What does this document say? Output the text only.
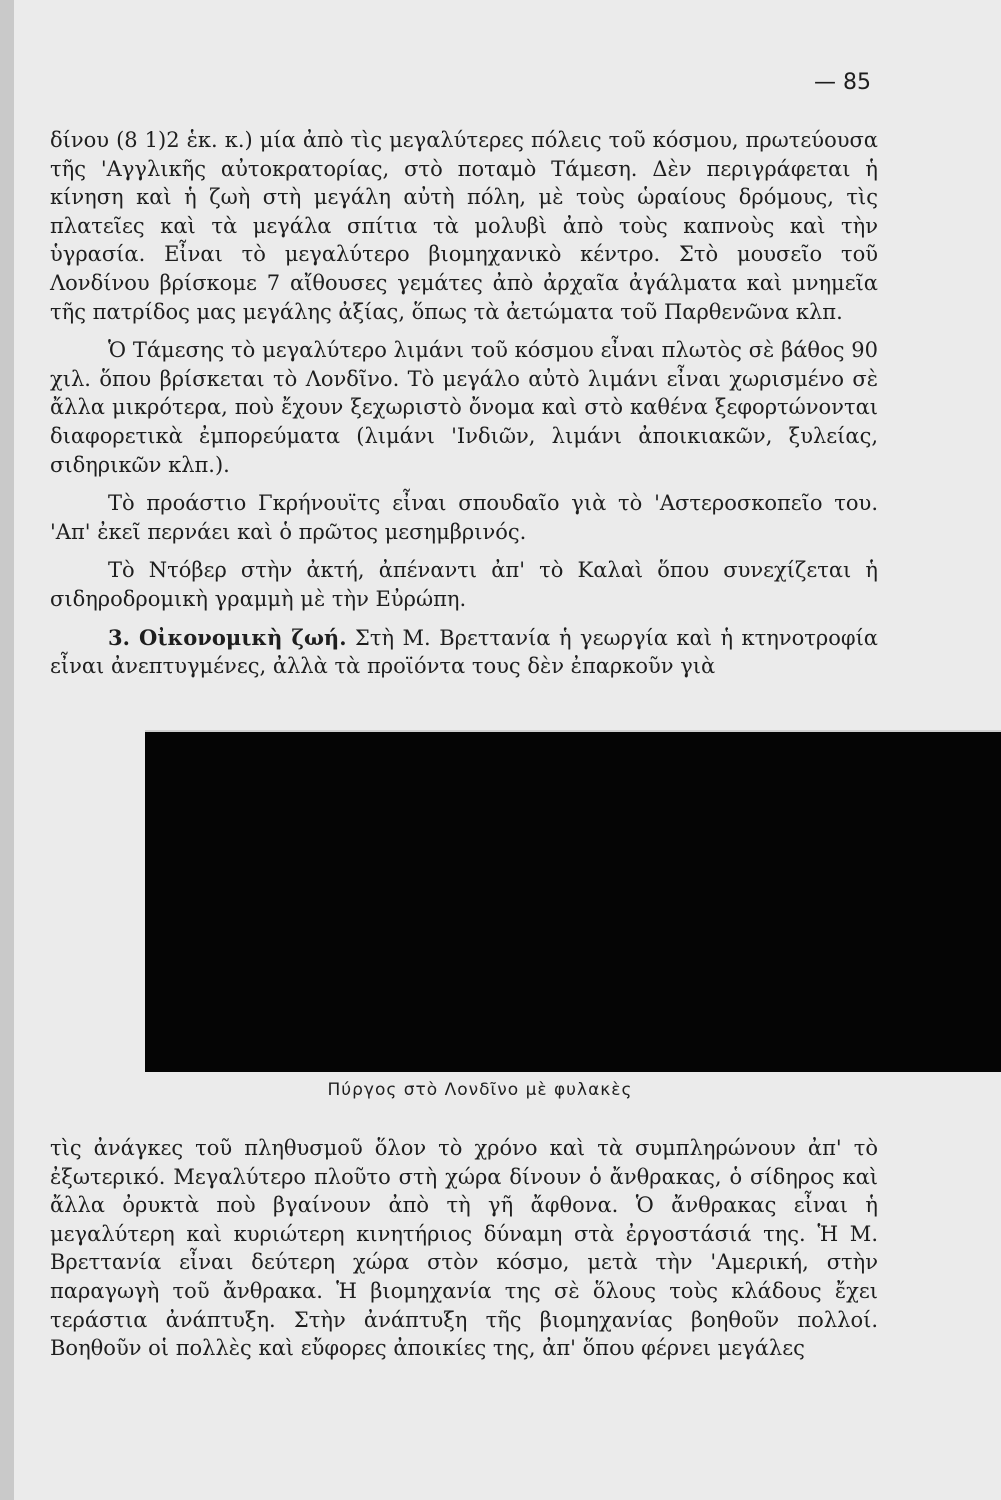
— 85

δίνου (8 1)2 ἑκ. κ.) μία ἀπὸ τὶς μεγαλύτερες πόλεις τοῦ κόσμου, πρωτεύουσα τῆς 'Αγγλικῆς αὐτοκρατορίας, στὸ ποταμὸ Τάμεση. Δὲν περιγράφεται ἡ κίνηση καὶ ἡ ζωὴ στὴ μεγάλη αὐτὴ πόλη, μὲ τοὺς ὡραίους δρόμους, τὶς πλατεῖες καὶ τὰ μεγάλα σπίτια τὰ μολυβὶ ἀπὸ τοὺς καπνοὺς καὶ τὴν ὑγρασία. Εἶναι τὸ μεγαλύτερο βιομηχανικὸ κέντρο. Στὸ μουσεῖο τοῦ Λονδίνου βρίσκομε 7 αἴθουσες γεμάτες ἀπὸ ἀρχαῖα ἀγάλματα καὶ μνημεῖα τῆς πατρίδος μας μεγάλης ἀξίας, ὅπως τὰ ἀετώματα τοῦ Παρθενῶνα κλπ.

Ὁ Τάμεσης τὸ μεγαλύτερο λιμάνι τοῦ κόσμου εἶναι πλωτὸς σὲ βάθος 90 χιλ. ὅπου βρίσκεται τὸ Λονδῖνο. Τὸ μεγάλο αὐτὸ λιμάνι εἶναι χωρισμένο σὲ ἄλλα μικρότερα, ποὺ ἔχουν ξεχωριστὸ ὄνομα καὶ στὸ καθένα ξεφορτώνονται διαφορετικὰ ἐμπορεύματα (λιμάνι 'Ινδιῶν, λιμάνι ἀποικιακῶν, ξυλείας, σιδηρικῶν κλπ.).

Τὸ προάστιο Γκρήνουϊτς εἶναι σπουδαῖο γιὰ τὸ 'Αστεροσκοπεῖο του. 'Απ' ἐκεῖ περνάει καὶ ὁ πρῶτος μεσημβρινός.

Τὸ Ντόβερ στὴν ἀκτή, ἀπέναντι ἀπ' τὸ Καλαὶ ὅπου συνεχίζεται ἡ σιδηροδρομικὴ γραμμὴ μὲ τὴν Εὐρώπη.

3. Οἰκονομικὴ ζωή. Στὴ Μ. Βρεττανία ἡ γεωργία καὶ ἡ κτηνοτροφία εἶναι ἀνεπτυγμένες, ἀλλὰ τὰ προϊόντα τους δὲν ἐπαρκοῦν γιὰ

Πύργος στὸ Λονδῖνο μὲ φυλακὲς

τὶς ἀνάγκες τοῦ πληθυσμοῦ ὅλον τὸ χρόνο καὶ τὰ συμπληρώνουν ἀπ' τὸ ἐξωτερικό. Μεγαλύτερο πλοῦτο στὴ χώρα δίνουν ὁ ἄνθρακας, ὁ σίδηρος καὶ ἄλλα ὀρυκτὰ ποὺ βγαίνουν ἀπὸ τὴ γῆ ἄφθονα. Ὁ ἄνθρακας εἶναι ἡ μεγαλύτερη καὶ κυριώτερη κινητήριος δύναμη στὰ ἐργοστάσιά της. Ἡ Μ. Βρεττανία εἶναι δεύτερη χώρα στὸν κόσμο, μετὰ τὴν 'Αμερική, στὴν παραγωγὴ τοῦ ἄνθρακα. Ἡ βιομηχανία της σὲ ὅλους τοὺς κλάδους ἔχει τεράστια ἀνάπτυξη. Στὴν ἀνάπτυξη τῆς βιομηχανίας βοηθοῦν πολλοί. Βοηθοῦν οἱ πολλὲς καὶ εὔφορες ἀποικίες της, ἀπ' ὅπου φέρνει μεγάλες
